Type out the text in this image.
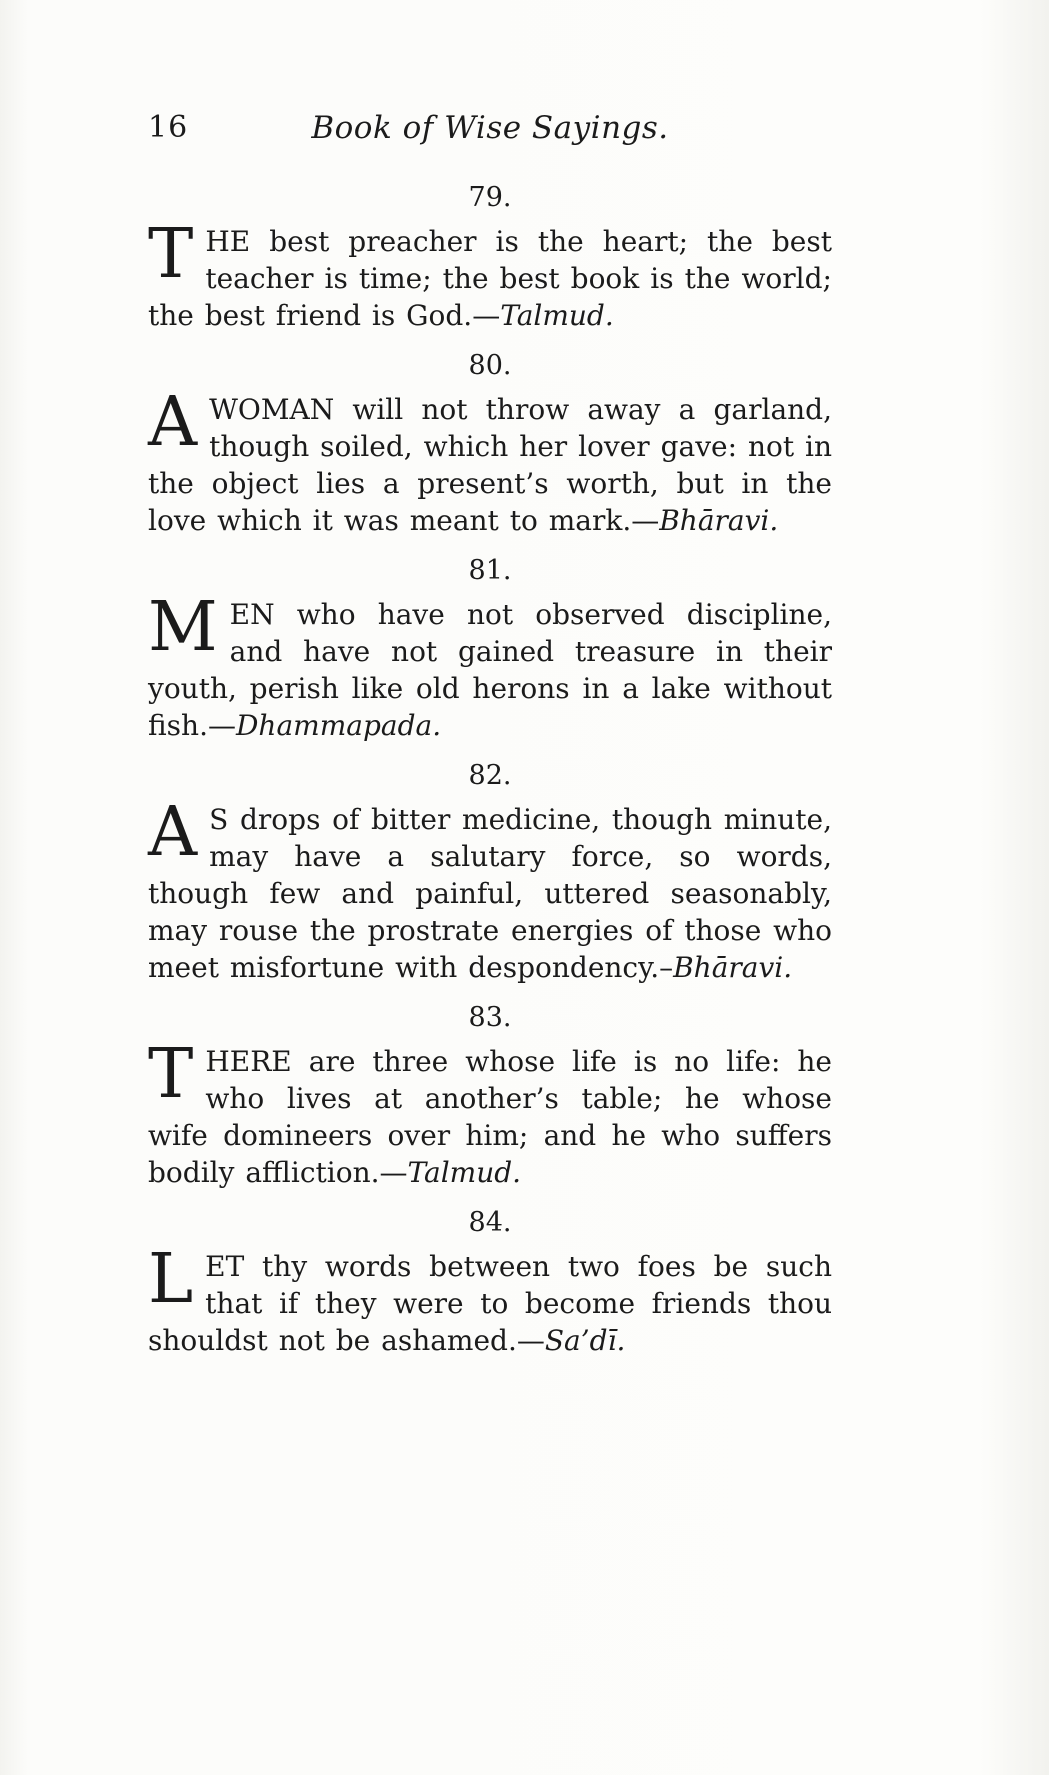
16	Book of Wise Sayings.
79.

THE best preacher is the heart; the best teacher is time; the best book is the world; the best friend is God.—Talmud.

80.

AWOMAN will not throw away a garland, though soiled, which her lover gave: not in the object lies a present’s worth, but in the love which it was meant to mark.—Bhāravi.

81.

MEN who have not observed discipline, and have not gained treasure in their youth, perish like old herons in a lake without fish.—Dhammapada.

82.

A S drops of bitter medicine, though minute, may have a salutary force, so words, though few and painful, uttered seasonably, may rouse the prostrate energies of those who meet misfortune with despondency.–Bhāravi.

83.

THERE are three whose life is no life: he who lives at another’s table; he whose wife domineers over him; and he who suffers bodily affliction.—Talmud.

84.

LET thy words between two foes be such that if they were to become friends thou shouldst not be ashamed.—Sa’dī.
